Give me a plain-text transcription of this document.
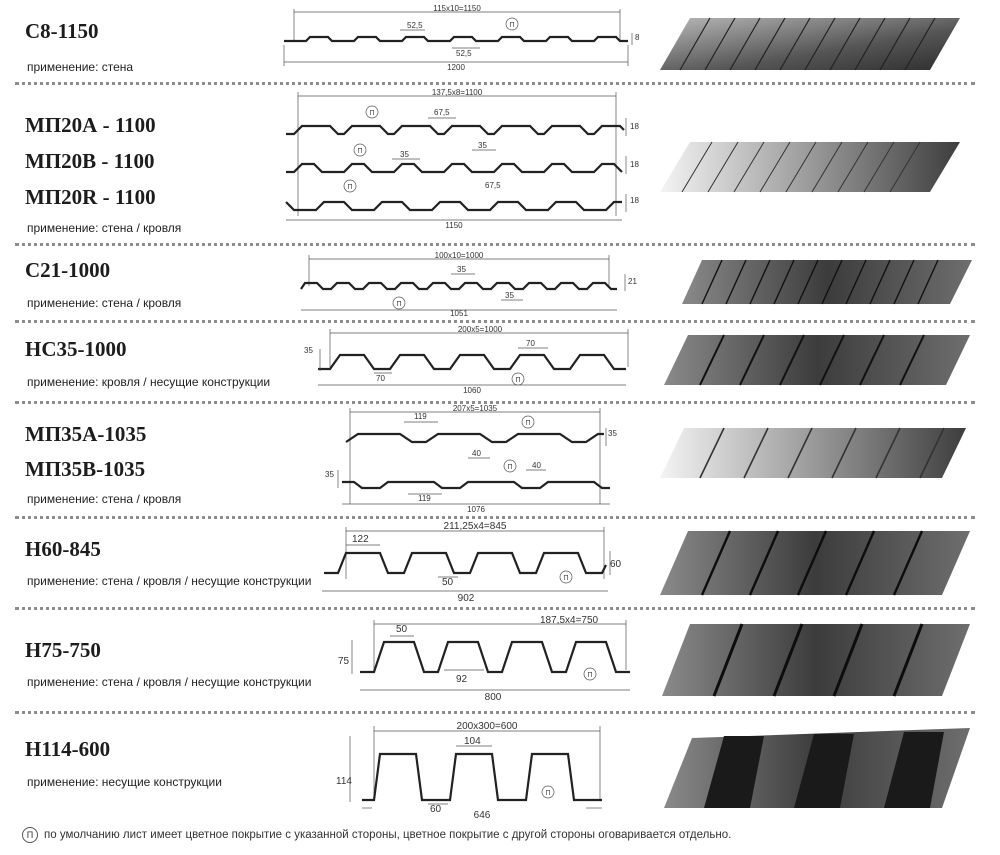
С8-1150
применение: стена
115х10=1150
52,5
52,5
1200
8
П
МП20А - 1100
МП20В - 1100
МП20R - 1100
применение: стена / кровля
137,5х8=1100
67,5
35
35
67,5
1150
18
18
18
П
П
П
С21-1000
применение: стена / кровля
100х10=1000
35
35
1051
21
П
НС35-1000
применение: кровля / несущие конструкции
200х5=1000
70
70
1060
35
П
МП35А-1035
МП35В-1035
применение: стена / кровля
207х5=1035
119
40
40
119
1076
35
35
П
П
Н60-845
применение: стена / кровля / несущие конструкции
211,25х4=845
122
50
902
60
П
Н75-750
применение: стена / кровля / несущие конструкции
187,5х4=750
50
92
800
75
П
Н114-600
применение: несущие конструкции
200х300=600
104
60
646
114
П
П по умолчанию лист имеет цветное покрытие с указанной стороны, цветное покрытие с другой стороны оговаривается отдельно.
